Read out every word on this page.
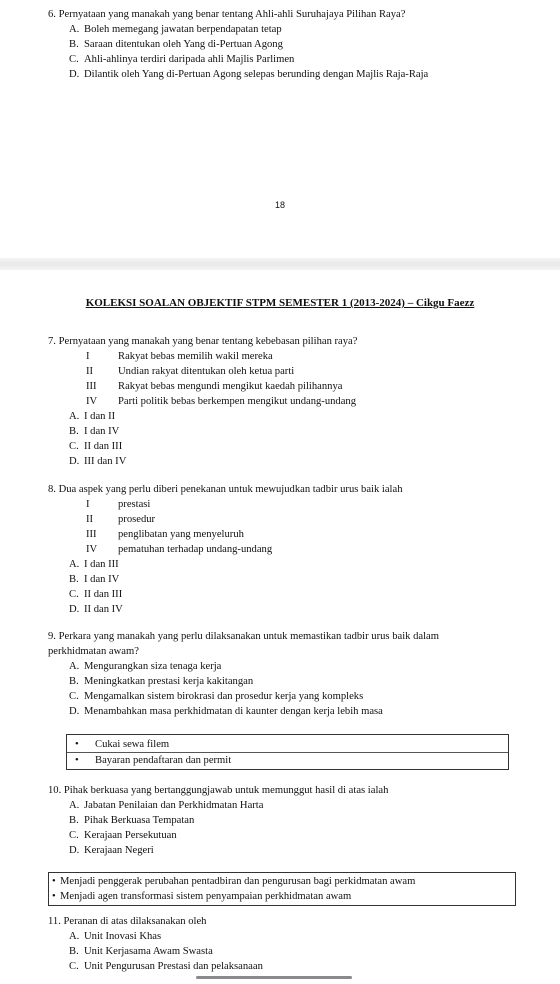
6. Pernyataan yang manakah yang benar tentang Ahli-ahli Suruhajaya Pilihan Raya?

A. Boleh memegang jawatan berpendapatan tetap
B. Saraan ditentukan oleh Yang di-Pertuan Agong
C. Ahli-ahlinya terdiri daripada ahli Majlis Parlimen
D. Dilantik oleh Yang di-Pertuan Agong selepas berunding dengan Majlis Raja-Raja
18
KOLEKSI SOALAN OBJEKTIF STPM SEMESTER 1 (2013-2024) – Cikgu Faezz

7. Pernyataan yang manakah yang benar tentang kebebasan pilihan raya?

I	Rakyat bebas memilih wakil mereka
II	Undian rakyat ditentukan oleh ketua parti
III	Rakyat bebas mengundi mengikut kaedah pilihannya
IV	Parti politik bebas berkempen mengikut undang-undang
A. I dan II
B. I dan IV
C. II dan III
D. III dan IV

8. Dua aspek yang perlu diberi penekanan untuk mewujudkan tadbir urus baik ialah

I	prestasi
II	prosedur
III	penglibatan yang menyeluruh
IV	pematuhan terhadap undang-undang
A. I dan III
B. I dan IV
C. II dan III
D. II dan IV

9. Perkara yang manakah yang perlu dilaksanakan untuk memastikan tadbir urus baik dalam

perkhidmatan awam?

A. Mengurangkan siza tenaga kerja
B. Meningkatkan prestasi kerja kakitangan
C. Mengamalkan sistem birokrasi dan prosedur kerja yang kompleks
D. Menambahkan masa perkhidmatan di kaunter dengan kerja lebih masa
•	Cukai sewa filem
•	Bayaran pendaftaran dan permit

10. Pihak berkuasa yang bertanggungjawab untuk memunggut hasil di atas ialah

A. Jabatan Penilaian dan Perkhidmatan Harta
B. Pihak Berkuasa Tempatan
C. Kerajaan Persekutuan
D. Kerajaan Negeri
• Menjadi penggerak perubahan pentadbiran dan pengurusan bagi perkidmatan awam
• Menjadi agen transformasi sistem penyampaian perkhidmatan awam

11. Peranan di atas dilaksanakan oleh

A. Unit Inovasi Khas
B. Unit Kerjasama Awam Swasta
C. Unit Pengurusan Prestasi dan pelaksanaan
